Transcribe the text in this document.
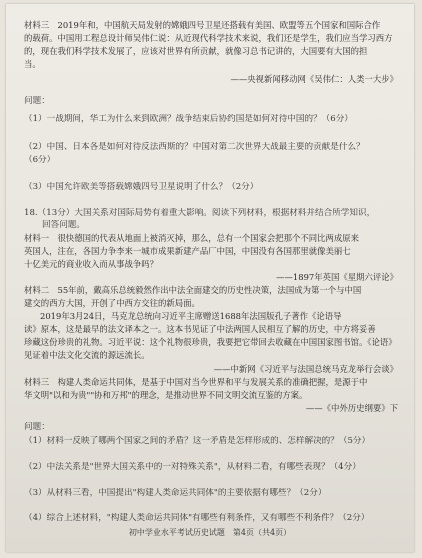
材料三　2019年和，中国航天局发射的嫦娥四号卫星还搭载有美国、欧盟等五个国家和国际合作
的载荷。中国用工程总设计师吴伟仁说：从近现代科学技术来说，我们还是学生，我们应当学习西方
的，现在我们科学技术发展了，应该对世界有所贡献，就像习总书记讲的，大国要有大国的担
当。
——央视新闻移动网《吴伟仁：人类一大步》
问题：
（1）一战期间，华工为什么来到欧洲？战争结束后协约国是如何对待中国的？（6分）
（2）中国、日本各是如何对待反法西斯的？中国对第二次世界大战最主要的贡献是什么？
（6分）
（3）中国允许欧美等搭载嫦娥四号卫星说明了什么？（2分）
18.（13分）大国关系对国际局势有着重大影响。阅读下列材料，根据材料并结合所学知识，
回答问题。
材料一　很快德国的代表从地面上被消灭掉，那么，总有一个国家会把那个不同比两成原来
英国人，注在，各国力争李来一城市成果新建产品厂中国，中国没有各国那里就像美丽七
十亿美元的商业收入而从事战争吗？
——1897年英国《星期六评论》
材料二　55年前，戴高乐总统毅然作出中法全面建交的历史性决策，法国成为第一个与中国
建交的西方大国，开创了中西方交往的新局面。
2019年3月24日，马克龙总统向习近平主席赠送1688年法国版孔子著作《论语导
读》原本，这是最早的法文译本之一。这本书见证了中法两国人民相互了解的历史，中方将妥善
珍藏这份珍贵的礼物。习近平说：这个礼物很珍贵，我要把它带回去收藏在中国国家图书馆。《论语》
见证着中法文化交流的源远流长。
——中新网《习近平与法国总统马克龙举行会谈》
材料三　构建人类命运共同体，是基于中国对当今世界和平与发展关系的准确把握，是源于中
华文明"以和为贵""协和万邦"的理念，是推动世界不同文明交流互鉴的方案。
——《中外历史纲要》下
问题：
（1）材料一反映了哪两个国家之间的矛盾？这一矛盾是怎样形成的、怎样解决的？（5分）
（2）中法关系是"世界大国关系中的一对特殊关系"，从材料二看，有哪些表现？（4分）
（3）从材料三看，中国提出"构建人类命运共同体"的主要依据有哪些？（2分）
（4）综合上述材料，"构建人类命运共同体"有哪些有利条件，又有哪些不利条件？（2分）
初中学业水平考试历史试题　第4页（共4页）
